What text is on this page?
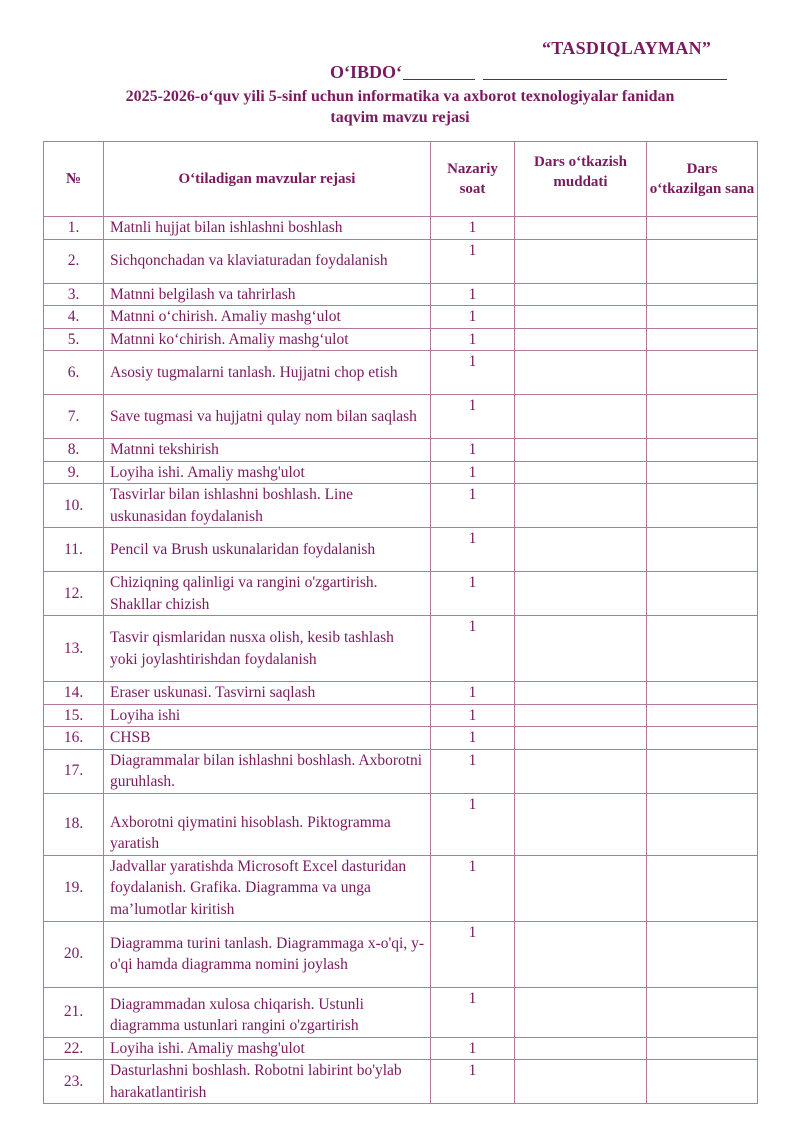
“TASDIQLAYMAN”
O‘IBDO‘
2025-2026-o‘quv yili 5-sinf uchun informatika va axborot texnologiyalar fanidan
taqvim mavzu rejasi
№	O‘tiladigan mavzular rejasi	Nazariy soat	Dars o‘tkazish muddati	Dars o‘tkazilgan sana
1.	Matnli hujjat bilan ishlashni boshlash	1		
2.	Sichqonchadan va klaviaturadan foydalanish	1		
3.	Matnni belgilash va tahrirlash	1		
4.	Matnni o‘chirish. Amaliy mashg‘ulot	1		
5.	Matnni ko‘chirish. Amaliy mashg‘ulot	1		
6.	Asosiy tugmalarni tanlash. Hujjatni chop etish	1		
7.	Save tugmasi va hujjatni qulay nom bilan saqlash	1		
8.	Matnni tekshirish	1		
9.	Loyiha ishi. Amaliy mashg'ulot	1		
10.	Tasvirlar bilan ishlashni boshlash. Line uskunasidan foydalanish	1		
11.	Pencil va Brush uskunalaridan foydalanish	1		
12.	Chiziqning qalinligi va rangini o'zgartirish. Shakllar chizish	1		
13.	Tasvir qismlaridan nusxa olish, kesib tashlash yoki joylashtirishdan foydalanish	1		
14.	Eraser uskunasi. Tasvirni saqlash	1		
15.	Loyiha ishi	1		
16.	CHSB	1		
17.	Diagrammalar bilan ishlashni boshlash. Axborotni guruhlash.	1		
18.	Axborotni qiymatini hisoblash. Piktogramma yaratish	1		
19.	Jadvallar yaratishda Microsoft Excel dasturidan foydalanish. Grafika. Diagramma va unga ma’lumotlar kiritish	1		
20.	Diagramma turini tanlash. Diagrammaga x-o'qi, y-o'qi hamda diagramma nomini joylash	1		
21.	Diagrammadan xulosa chiqarish. Ustunli diagramma ustunlari rangini o'zgartirish	1		
22.	Loyiha ishi. Amaliy mashg'ulot	1		
23.	Dasturlashni boshlash. Robotni labirint bo'ylab harakatlantirish	1		
